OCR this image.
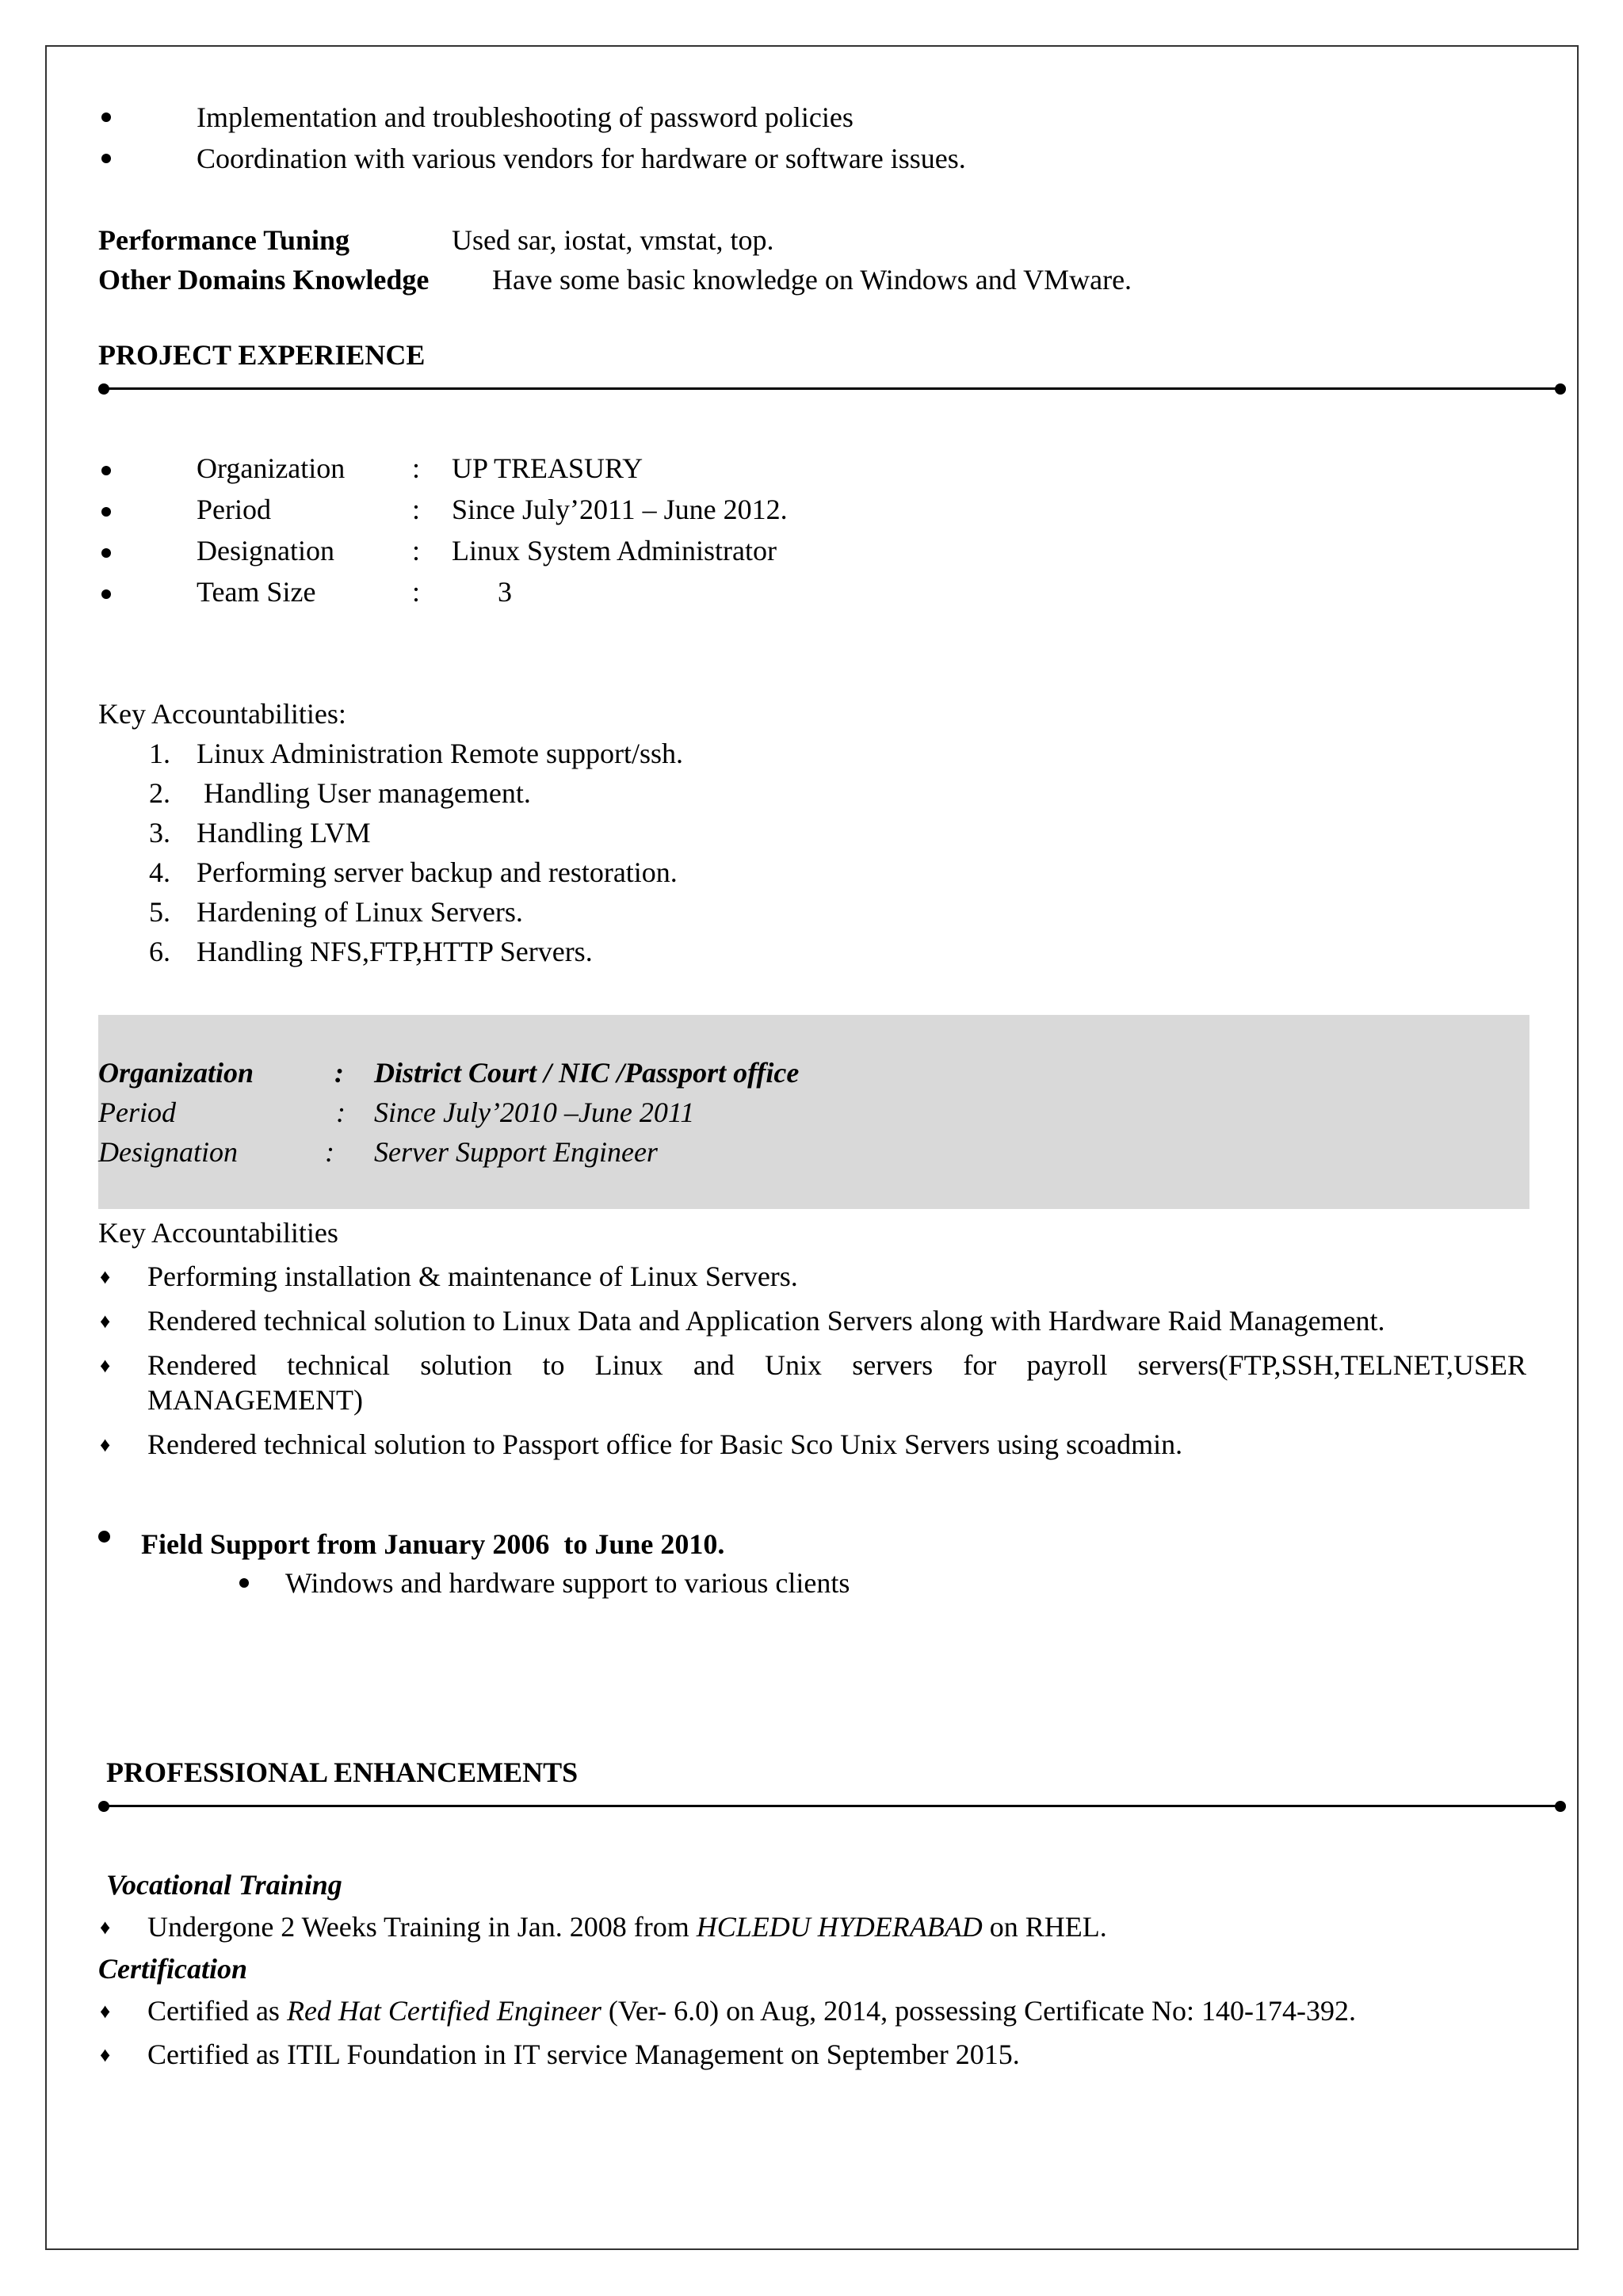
Implementation and troubleshooting of password policies
Coordination with various vendors for hardware or software issues.
Performance Tuning	Used sar, iostat, vmstat, top.
Other Domains Knowledge Have some basic knowledge on Windows and VMware.
PROJECT EXPERIENCE
Organization : UP TREASURY
Period	: Since July’2011 – June 2012.
Designation	: Linux System Administrator
Team Size	:	3
Key Accountabilities:
1. Linux Administration Remote support/ssh.
2. Handling User management.
3. Handling LVM
4. Performing server backup and restoration.
5. Hardening of Linux Servers.
6. Handling NFS,FTP,HTTP Servers.
Organization	: District Court / NIC /Passport office
Period	: Since July’2010 –June 2011
Designation	: Server Support Engineer
Key Accountabilities
♦ Performing installation & maintenance of Linux Servers.
♦ Rendered technical solution to Linux Data and Application Servers along with Hardware Raid Management.
♦ Rendered technical solution to Linux and Unix servers for payroll servers(FTP,SSH,TELNET,USER
MANAGEMENT)
♦ Rendered technical solution to Passport office for Basic Sco Unix Servers using scoadmin.
Field Support from January 2006  to June 2010.
Windows and hardware support to various clients
PROFESSIONAL ENHANCEMENTS
Vocational Training
♦ Undergone 2 Weeks Training in Jan. 2008 from HCLEDU HYDERABAD on RHEL.
Certification
♦ Certified as Red Hat Certified Engineer (Ver- 6.0) on Aug, 2014, possessing Certificate No: 140-174-392.
♦ Certified as ITIL Foundation in IT service Management on September 2015.
